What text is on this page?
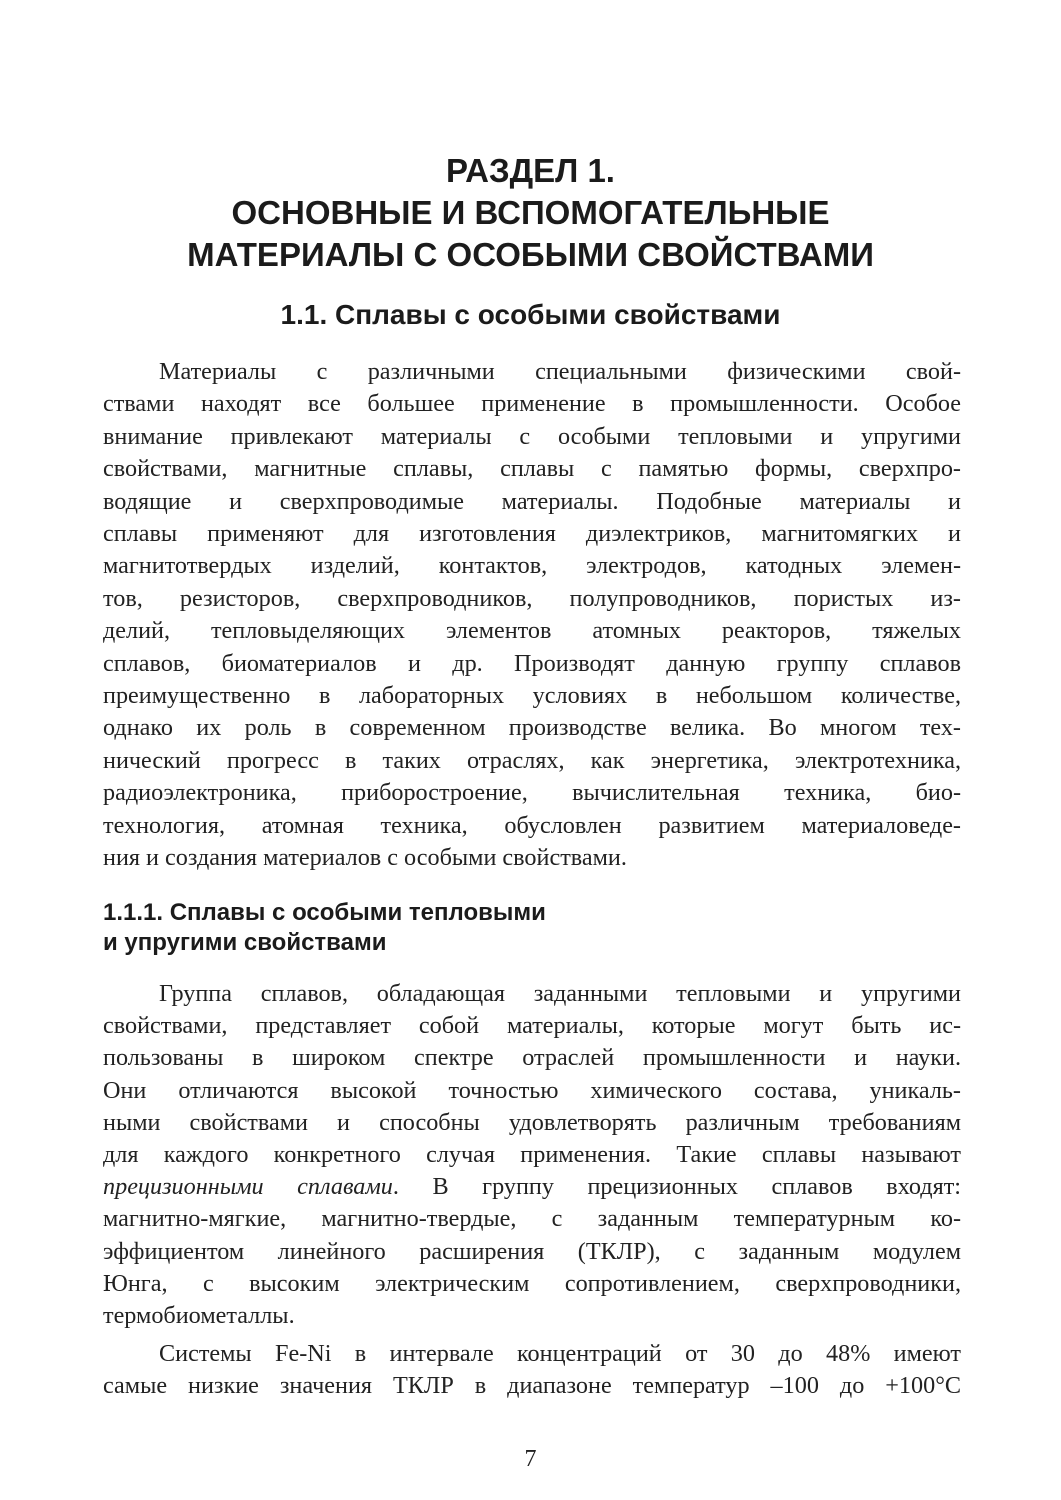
РАЗДЕЛ 1.
ОСНОВНЫЕ И ВСПОМОГАТЕЛЬНЫЕ
МАТЕРИАЛЫ С ОСОБЫМИ СВОЙСТВАМИ
1.1. Сплавы с особыми свойствами

Материалы с различными специальными физическими свой-
ствами находят все большее применение в промышленности. Особое
внимание привлекают материалы с особыми тепловыми и упругими
свойствами, магнитные сплавы, сплавы с памятью формы, сверхпро-
водящие и сверхпроводимые материалы. Подобные материалы и
сплавы применяют для изготовления диэлектриков, магнитомягких и
магнитотвердых изделий, контактов, электродов, катодных элемен-
тов, резисторов, сверхпроводников, полупроводников, пористых из-
делий, тепловыделяющих элементов атомных реакторов, тяжелых
сплавов, биоматериалов и др. Производят данную группу сплавов
преимущественно в лабораторных условиях в небольшом количестве,
однако их роль в современном производстве велика. Во многом тех-
нический прогресс в таких отраслях, как энергетика, электротехника,
радиоэлектроника, приборостроение, вычислительная техника, био-
технология, атомная техника, обусловлен развитием материаловеде-
ния и создания материалов с особыми свойствами.

1.1.1. Сплавы с особыми тепловыми
и упругими свойствами

Группа сплавов, обладающая заданными тепловыми и упругими
свойствами, представляет собой материалы, которые могут быть ис-
пользованы в широком спектре отраслей промышленности и науки.
Они отличаются высокой точностью химического состава, уникаль-
ными свойствами и способны удовлетворять различным требованиям
для каждого конкретного случая применения. Такие сплавы называют
прецизионными сплавами. В группу прецизионных сплавов входят:
магнитно-мягкие, магнитно-твердые, с заданным температурным ко-
эффициентом линейного расширения (ТКЛР), с заданным модулем
Юнга, с высоким электрическим сопротивлением, сверхпроводники,
термобиометаллы.

Системы Fe-Ni в интервале концентраций от 30 до 48% имеют
самые низкие значения ТКЛР в диапазоне температур –100 до +100°С

7
